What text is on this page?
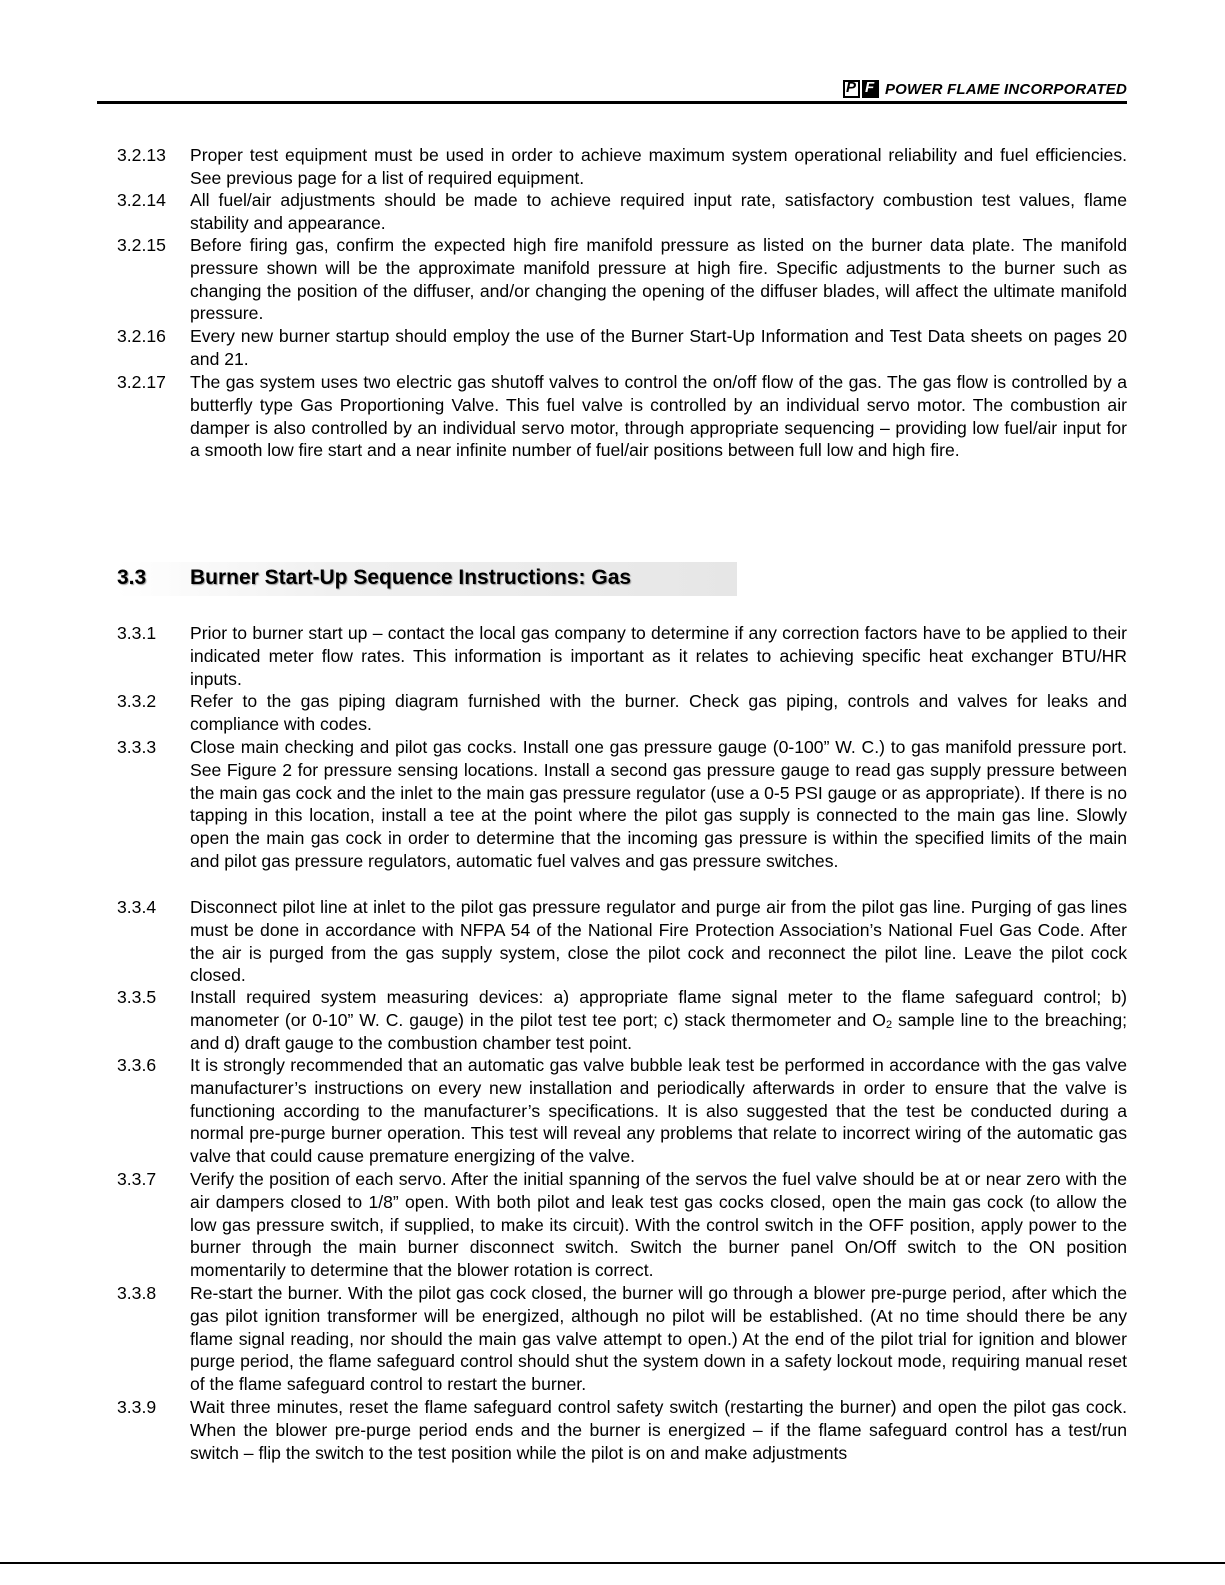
P F POWER FLAME INCORPORATED
3.2.13 Proper test equipment must be used in order to achieve maximum system operational reliability and fuel efficiencies. See previous page for a list of required equipment.
3.2.14 All fuel/air adjustments should be made to achieve required input rate, satisfactory combustion test values, flame stability and appearance.
3.2.15 Before firing gas, confirm the expected high fire manifold pressure as listed on the burner data plate. The manifold pressure shown will be the approximate manifold pressure at high fire. Specific adjustments to the burner such as changing the position of the diffuser, and/or changing the opening of the diffuser blades, will affect the ultimate manifold pressure.
3.2.16 Every new burner startup should employ the use of the Burner Start-Up Information and Test Data sheets on pages 20 and 21.
3.2.17 The gas system uses two electric gas shutoff valves to control the on/off flow of the gas. The gas flow is controlled by a butterfly type Gas Proportioning Valve. This fuel valve is controlled by an individual servo motor. The combustion air damper is also controlled by an individual servo motor, through appropriate sequencing – providing low fuel/air input for a smooth low fire start and a near infinite number of fuel/air positions between full low and high fire.
3.3 Burner Start-Up Sequence Instructions: Gas
3.3.1 Prior to burner start up – contact the local gas company to determine if any correction factors have to be applied to their indicated meter flow rates. This information is important as it relates to achieving specific heat exchanger BTU/HR inputs.
3.3.2 Refer to the gas piping diagram furnished with the burner. Check gas piping, controls and valves for leaks and compliance with codes.
3.3.3 Close main checking and pilot gas cocks. Install one gas pressure gauge (0-100” W. C.) to gas manifold pressure port. See Figure 2 for pressure sensing locations. Install a second gas pressure gauge to read gas supply pressure between the main gas cock and the inlet to the main gas pressure regulator (use a 0-5 PSI gauge or as appropriate). If there is no tapping in this location, install a tee at the point where the pilot gas supply is connected to the main gas line. Slowly open the main gas cock in order to determine that the incoming gas pressure is within the specified limits of the main and pilot gas pressure regulators, automatic fuel valves and gas pressure switches.
3.3.4 Disconnect pilot line at inlet to the pilot gas pressure regulator and purge air from the pilot gas line. Purging of gas lines must be done in accordance with NFPA 54 of the National Fire Protection Association’s National Fuel Gas Code. After the air is purged from the gas supply system, close the pilot cock and reconnect the pilot line. Leave the pilot cock closed.
3.3.5 Install required system measuring devices: a) appropriate flame signal meter to the flame safeguard control; b) manometer (or 0-10” W. C. gauge) in the pilot test tee port; c) stack thermometer and $O_2$ sample line to the breaching; and d) draft gauge to the combustion chamber test point.
3.3.6 It is strongly recommended that an automatic gas valve bubble leak test be performed in accordance with the gas valve manufacturer’s instructions on every new installation and periodically afterwards in order to ensure that the valve is functioning according to the manufacturer’s specifications. It is also suggested that the test be conducted during a normal pre-purge burner operation. This test will reveal any problems that relate to incorrect wiring of the automatic gas valve that could cause premature energizing of the valve.
3.3.7 Verify the position of each servo. After the initial spanning of the servos the fuel valve should be at or near zero with the air dampers closed to 1/8” open. With both pilot and leak test gas cocks closed, open the main gas cock (to allow the low gas pressure switch, if supplied, to make its circuit). With the control switch in the OFF position, apply power to the burner through the main burner disconnect switch. Switch the burner panel On/Off switch to the ON position momentarily to determine that the blower rotation is correct.
3.3.8 Re-start the burner. With the pilot gas cock closed, the burner will go through a blower pre-purge period, after which the gas pilot ignition transformer will be energized, although no pilot will be established. (At no time should there be any flame signal reading, nor should the main gas valve attempt to open.) At the end of the pilot trial for ignition and blower purge period, the flame safeguard control should shut the system down in a safety lockout mode, requiring manual reset of the flame safeguard control to restart the burner.
3.3.9 Wait three minutes, reset the flame safeguard control safety switch (restarting the burner) and open the pilot gas cock. When the blower pre-purge period ends and the burner is energized – if the flame safeguard control has a test/run switch – flip the switch to the test position while the pilot is on and make adjustments
